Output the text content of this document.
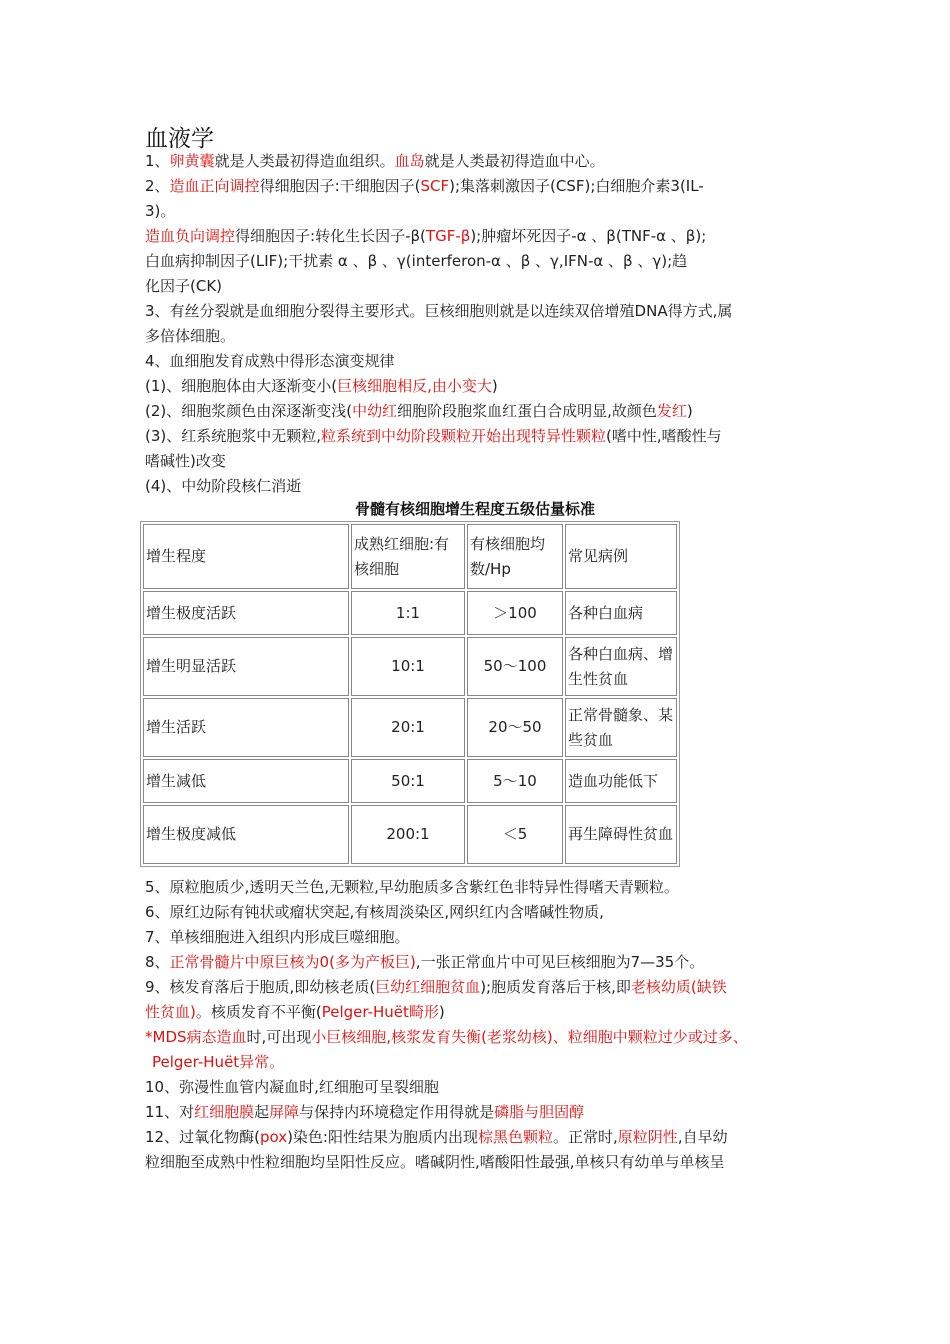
血液学
1、卵黄囊就是人类最初得造血组织。血岛就是人类最初得造血中心。
2、造血正向调控得细胞因子:干细胞因子(SCF);集落刺激因子(CSF);白细胞介素3(IL-
3)。
造血负向调控得细胞因子:转化生长因子-β(TGF-β);肿瘤坏死因子-α 、β(TNF-α 、β);
白血病抑制因子(LIF);干扰素 α 、β 、γ(interferon-α 、β 、γ,IFN-α 、β 、γ);趋
化因子(CK)
3、有丝分裂就是血细胞分裂得主要形式。巨核细胞则就是以连续双倍增殖DNA得方式,属
多倍体细胞。
4、血细胞发育成熟中得形态演变规律
(1)、细胞胞体由大逐渐变小(巨核细胞相反,由小变大)
(2)、细胞浆颜色由深逐渐变浅(中幼红细胞阶段胞浆血红蛋白合成明显,故颜色发红)
(3)、红系统胞浆中无颗粒,粒系统到中幼阶段颗粒开始出现特异性颗粒(嗜中性,嗜酸性与
嗜碱性)改变
(4)、中幼阶段核仁消逝
骨髓有核细胞增生程度五级估量标准
增生程度	成熟红细胞:有核细胞	有核细胞均数/Hp	常见病例
增生极度活跃	1:1	＞100	各种白血病
增生明显活跃	10:1	50～100	各种白血病、增生性贫血
增生活跃	20:1	20～50	正常骨髓象、某些贫血
增生减低	50:1	5～10	造血功能低下
增生极度减低	200:1	＜5	再生障碍性贫血
5、原粒胞质少,透明天兰色,无颗粒,早幼胞质多含紫红色非特异性得嗜天青颗粒。
6、原红边际有钝状或瘤状突起,有核周淡染区,网织红内含嗜碱性物质,
7、单核细胞进入组织内形成巨噬细胞。
8、正常骨髓片中原巨核为0(多为产板巨),一张正常血片中可见巨核细胞为7—35个。
9、核发育落后于胞质,即幼核老质(巨幼红细胞贫血);胞质发育落后于核,即老核幼质(缺铁
性贫血)。核质发育不平衡(Pelger-Huёt畸形)
*MDS病态造血时,可出现小巨核细胞,核浆发育失衡(老浆幼核)、粒细胞中颗粒过少或过多、
Pelger-Huёt异常。
10、弥漫性血管内凝血时,红细胞可呈裂细胞
11、对红细胞膜起屏障与保持内环境稳定作用得就是磷脂与胆固醇
12、过氧化物酶(pox)染色:阳性结果为胞质内出现棕黑色颗粒。正常时,原粒阴性,自早幼
粒细胞至成熟中性粒细胞均呈阳性反应。嗜碱阴性,嗜酸阳性最强,单核只有幼单与单核呈
